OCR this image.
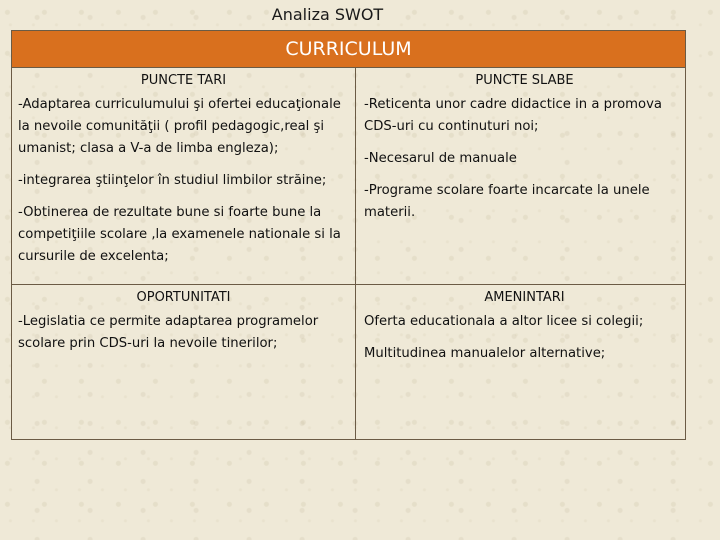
Analiza SWOT
CURRICULUM
PUNCTE TARI

-Adaptarea curriculumului şi ofertei educaţionale la nevoile comunităţii ( profil pedagogic,real şi umanist; clasa a V-a de limba engleza);

-integrarea ştiinţelor în studiul limbilor străine;

-Obtinerea de rezultate bune si foarte bune la competiţiile scolare ,la examenele nationale si la cursurile de excelenta;

PUNCTE SLABE

-Reticenta unor cadre didactice in a promova CDS-uri cu continuturi noi;

-Necesarul de manuale

-Programe scolare foarte incarcate la unele materii.

OPORTUNITATI

-Legislatia ce permite adaptarea programelor scolare prin CDS-uri la nevoile tinerilor;

AMENINTARI

Oferta educationala a altor licee si colegii;

Multitudinea manualelor alternative;
